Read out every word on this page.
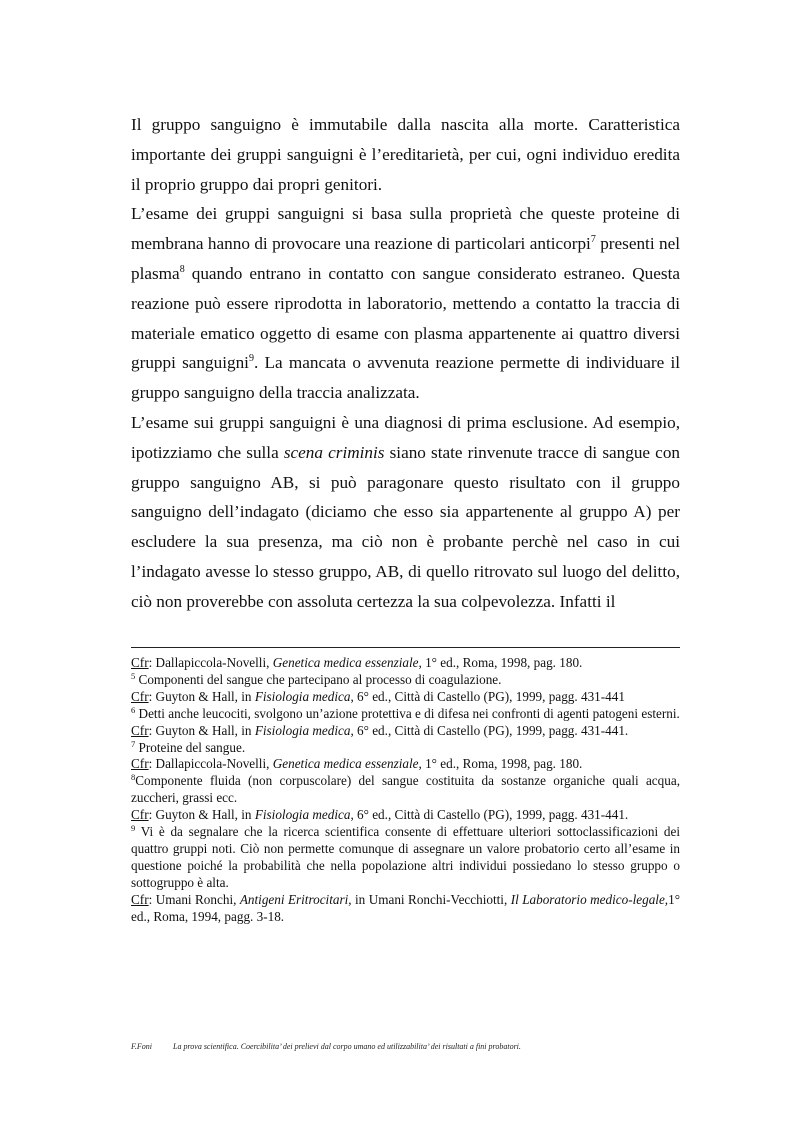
Il gruppo sanguigno è immutabile dalla nascita alla morte. Caratteristica importante dei gruppi sanguigni è l’ereditarietà, per cui, ogni individuo eredita il proprio gruppo dai propri genitori.

L’esame dei gruppi sanguigni si basa sulla proprietà che queste proteine di membrana hanno di provocare una reazione di particolari anticorpi$^7$ presenti nel plasma$^8$ quando entrano in contatto con sangue considerato estraneo. Questa reazione può essere riprodotta in laboratorio, mettendo a contatto la traccia di materiale ematico oggetto di esame con plasma appartenente ai quattro diversi gruppi sanguigni$^9$. La mancata o avvenuta reazione permette di individuare il gruppo sanguigno della traccia analizzata.

L’esame sui gruppi sanguigni è una diagnosi di prima esclusione. Ad esempio, ipotizziamo che sulla scena criminis siano state rinvenute tracce di sangue con gruppo sanguigno AB, si può paragonare questo risultato con il gruppo sanguigno dell’indagato (diciamo che esso sia appartenente al gruppo A) per escludere la sua presenza, ma ciò non è probante perchè nel caso in cui l’indagato avesse lo stesso gruppo, AB, di quello ritrovato sul luogo del delitto, ciò non proverebbe con assoluta certezza la sua colpevolezza. Infatti il

Cfr: Dallapiccola-Novelli, Genetica medica essenziale, 1° ed., Roma, 1998, pag. 180.

$^5$ Componenti del sangue che partecipano al processo di coagulazione.

Cfr: Guyton & Hall, in Fisiologia medica, 6° ed., Città di Castello (PG), 1999, pagg. 431-441

$^6$ Detti anche leucociti, svolgono un’azione protettiva e di difesa nei confronti di agenti patogeni esterni.

Cfr: Guyton & Hall, in Fisiologia medica, 6° ed., Città di Castello (PG), 1999, pagg. 431-441.

$^7$ Proteine del sangue.

Cfr: Dallapiccola-Novelli, Genetica medica essenziale, 1° ed., Roma, 1998, pag. 180.

$^8$Componente fluida (non corpuscolare) del sangue costituita da sostanze organiche quali acqua, zuccheri, grassi ecc.

Cfr: Guyton & Hall, in Fisiologia medica, 6° ed., Città di Castello (PG), 1999, pagg. 431-441.

$^9$ Vi è da segnalare che la ricerca scientifica consente di effettuare ulteriori sottoclassificazioni dei quattro gruppi noti. Ciò non permette comunque di assegnare un valore probatorio certo all’esame in questione poiché la probabilità che nella popolazione altri individui possiedano lo stesso gruppo o sottogruppo è alta.

Cfr: Umani Ronchi, Antigeni Eritrocitari, in Umani Ronchi-Vecchiotti, Il Laboratorio medico-legale,1° ed., Roma, 1994, pagg. 3-18.

F.Foni	La prova scientifica. Coercibilita’ dei prelievi dal corpo umano ed utilizzabilita’ dei risultati a fini probatori.
